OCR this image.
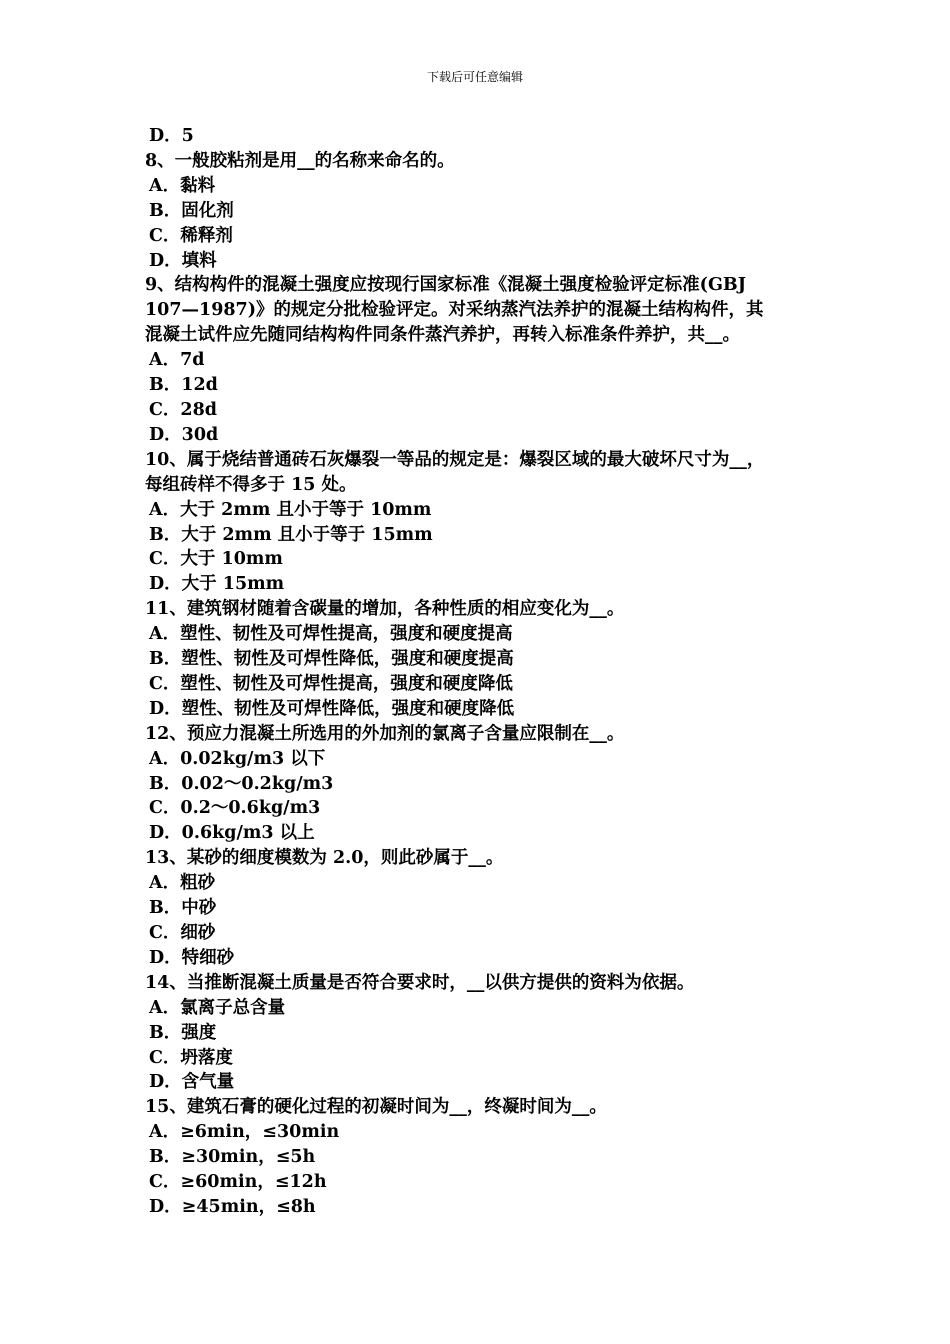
下载后可任意编辑
D．5
8、一般胶粘剂是用__的名称来命名的。
A．黏料
B．固化剂
C．稀释剂
D．填料
9、结构构件的混凝土强度应按现行国家标准《混凝土强度检验评定标准(GBJ
107—1987)》的规定分批检验评定。对采纳蒸汽法养护的混凝土结构构件，其
混凝土试件应先随同结构构件同条件蒸汽养护，再转入标准条件养护，共__。
A．7d
B．12d
C．28d
D．30d
10、属于烧结普通砖石灰爆裂一等品的规定是：爆裂区域的最大破坏尺寸为__，
每组砖样不得多于 15 处。
A．大于 2mm 且小于等于 10mm
B．大于 2mm 且小于等于 15mm
C．大于 10mm
D．大于 15mm
11、建筑钢材随着含碳量的增加，各种性质的相应变化为__。
A．塑性、韧性及可焊性提高，强度和硬度提高
B．塑性、韧性及可焊性降低，强度和硬度提高
C．塑性、韧性及可焊性提高，强度和硬度降低
D．塑性、韧性及可焊性降低，强度和硬度降低
12、预应力混凝土所选用的外加剂的氯离子含量应限制在__。
A．0.02kg/m3 以下
B．0.02～0.2kg/m3
C．0.2～0.6kg/m3
D．0.6kg/m3 以上
13、某砂的细度模数为 2.0，则此砂属于__。
A．粗砂
B．中砂
C．细砂
D．特细砂
14、当推断混凝土质量是否符合要求时，__以供方提供的资料为依据。
A．氯离子总含量
B．强度
C．坍落度
D．含气量
15、建筑石膏的硬化过程的初凝时间为__，终凝时间为__。
A．≥6min，≤30min
B．≥30min，≤5h
C．≥60min，≤12h
D．≥45min，≤8h
